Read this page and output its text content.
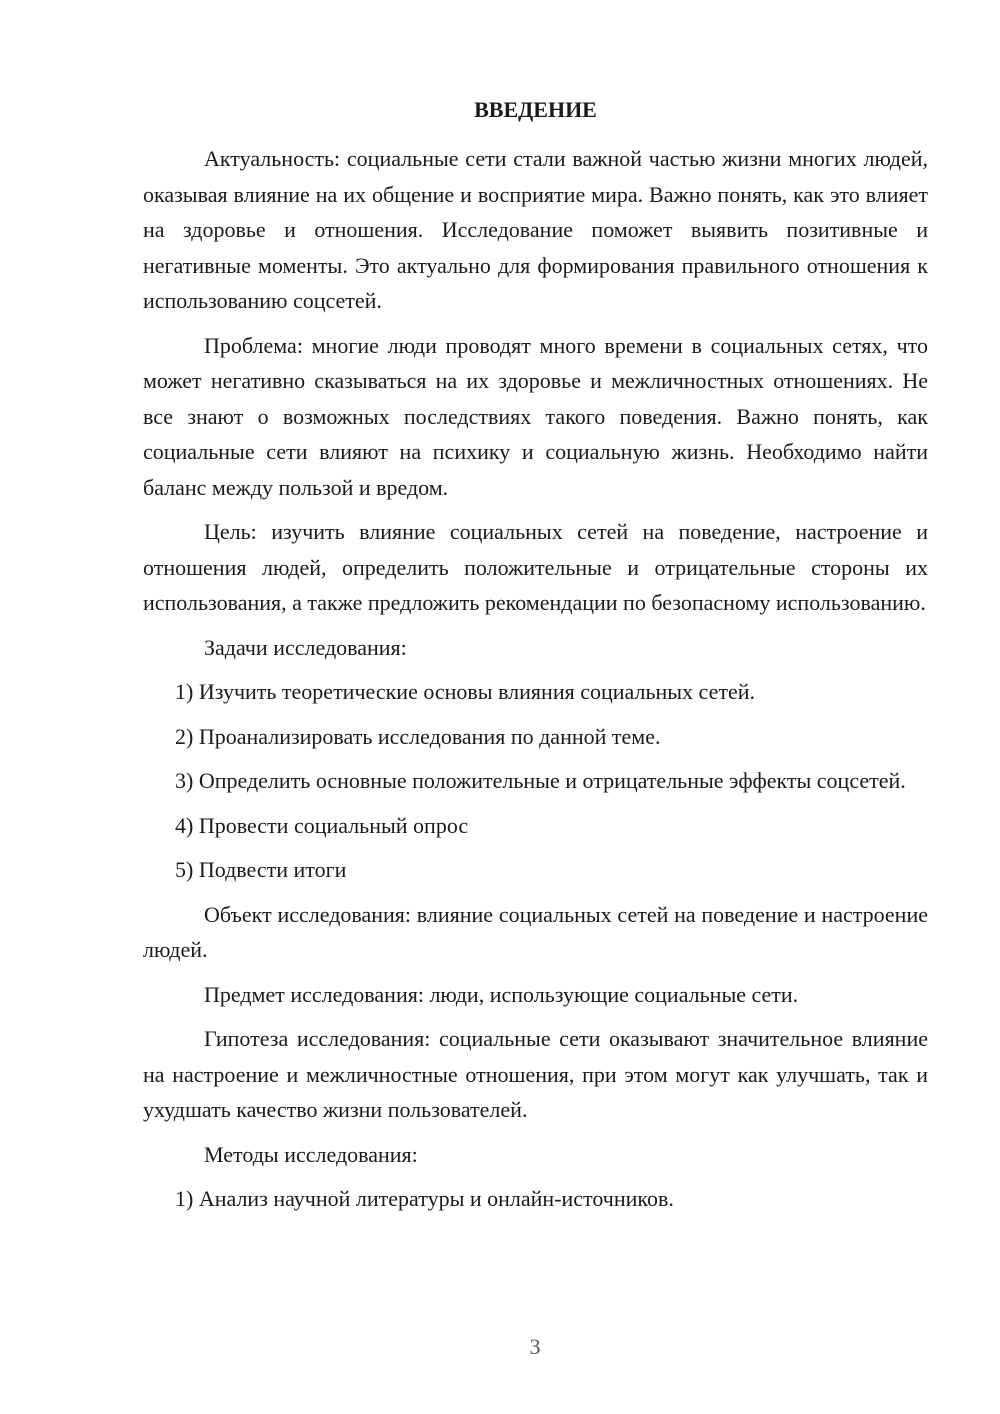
ВВЕДЕНИЕ

Актуальность: социальные сети стали важной частью жизни многих людей, оказывая влияние на их общение и восприятие мира. Важно понять, как это влияет на здоровье и отношения. Исследование поможет выявить позитивные и негативные моменты. Это актуально для формирования правильного отношения к использованию соцсетей.

Проблема: многие люди проводят много времени в социальных сетях, что может негативно сказываться на их здоровье и межличностных отношениях. Не все знают о возможных последствиях такого поведения. Важно понять, как социальные сети влияют на психику и социальную жизнь. Необходимо найти баланс между пользой и вредом.

Цель: изучить влияние социальных сетей на поведение, настроение и отношения людей, определить положительные и отрицательные стороны их использования, а также предложить рекомендации по безопасному использованию.

Задачи исследования:

1) Изучить теоретические основы влияния социальных сетей.

2) Проанализировать исследования по данной теме.

3) Определить основные положительные и отрицательные эффекты соцсетей.

4) Провести социальный опрос

5) Подвести итоги

Объект исследования: влияние социальных сетей на поведение и настроение людей.

Предмет исследования: люди, использующие социальные сети.

Гипотеза исследования: социальные сети оказывают значительное влияние на настроение и межличностные отношения, при этом могут как улучшать, так и ухудшать качество жизни пользователей.

Методы исследования:

1) Анализ научной литературы и онлайн-источников.

3
